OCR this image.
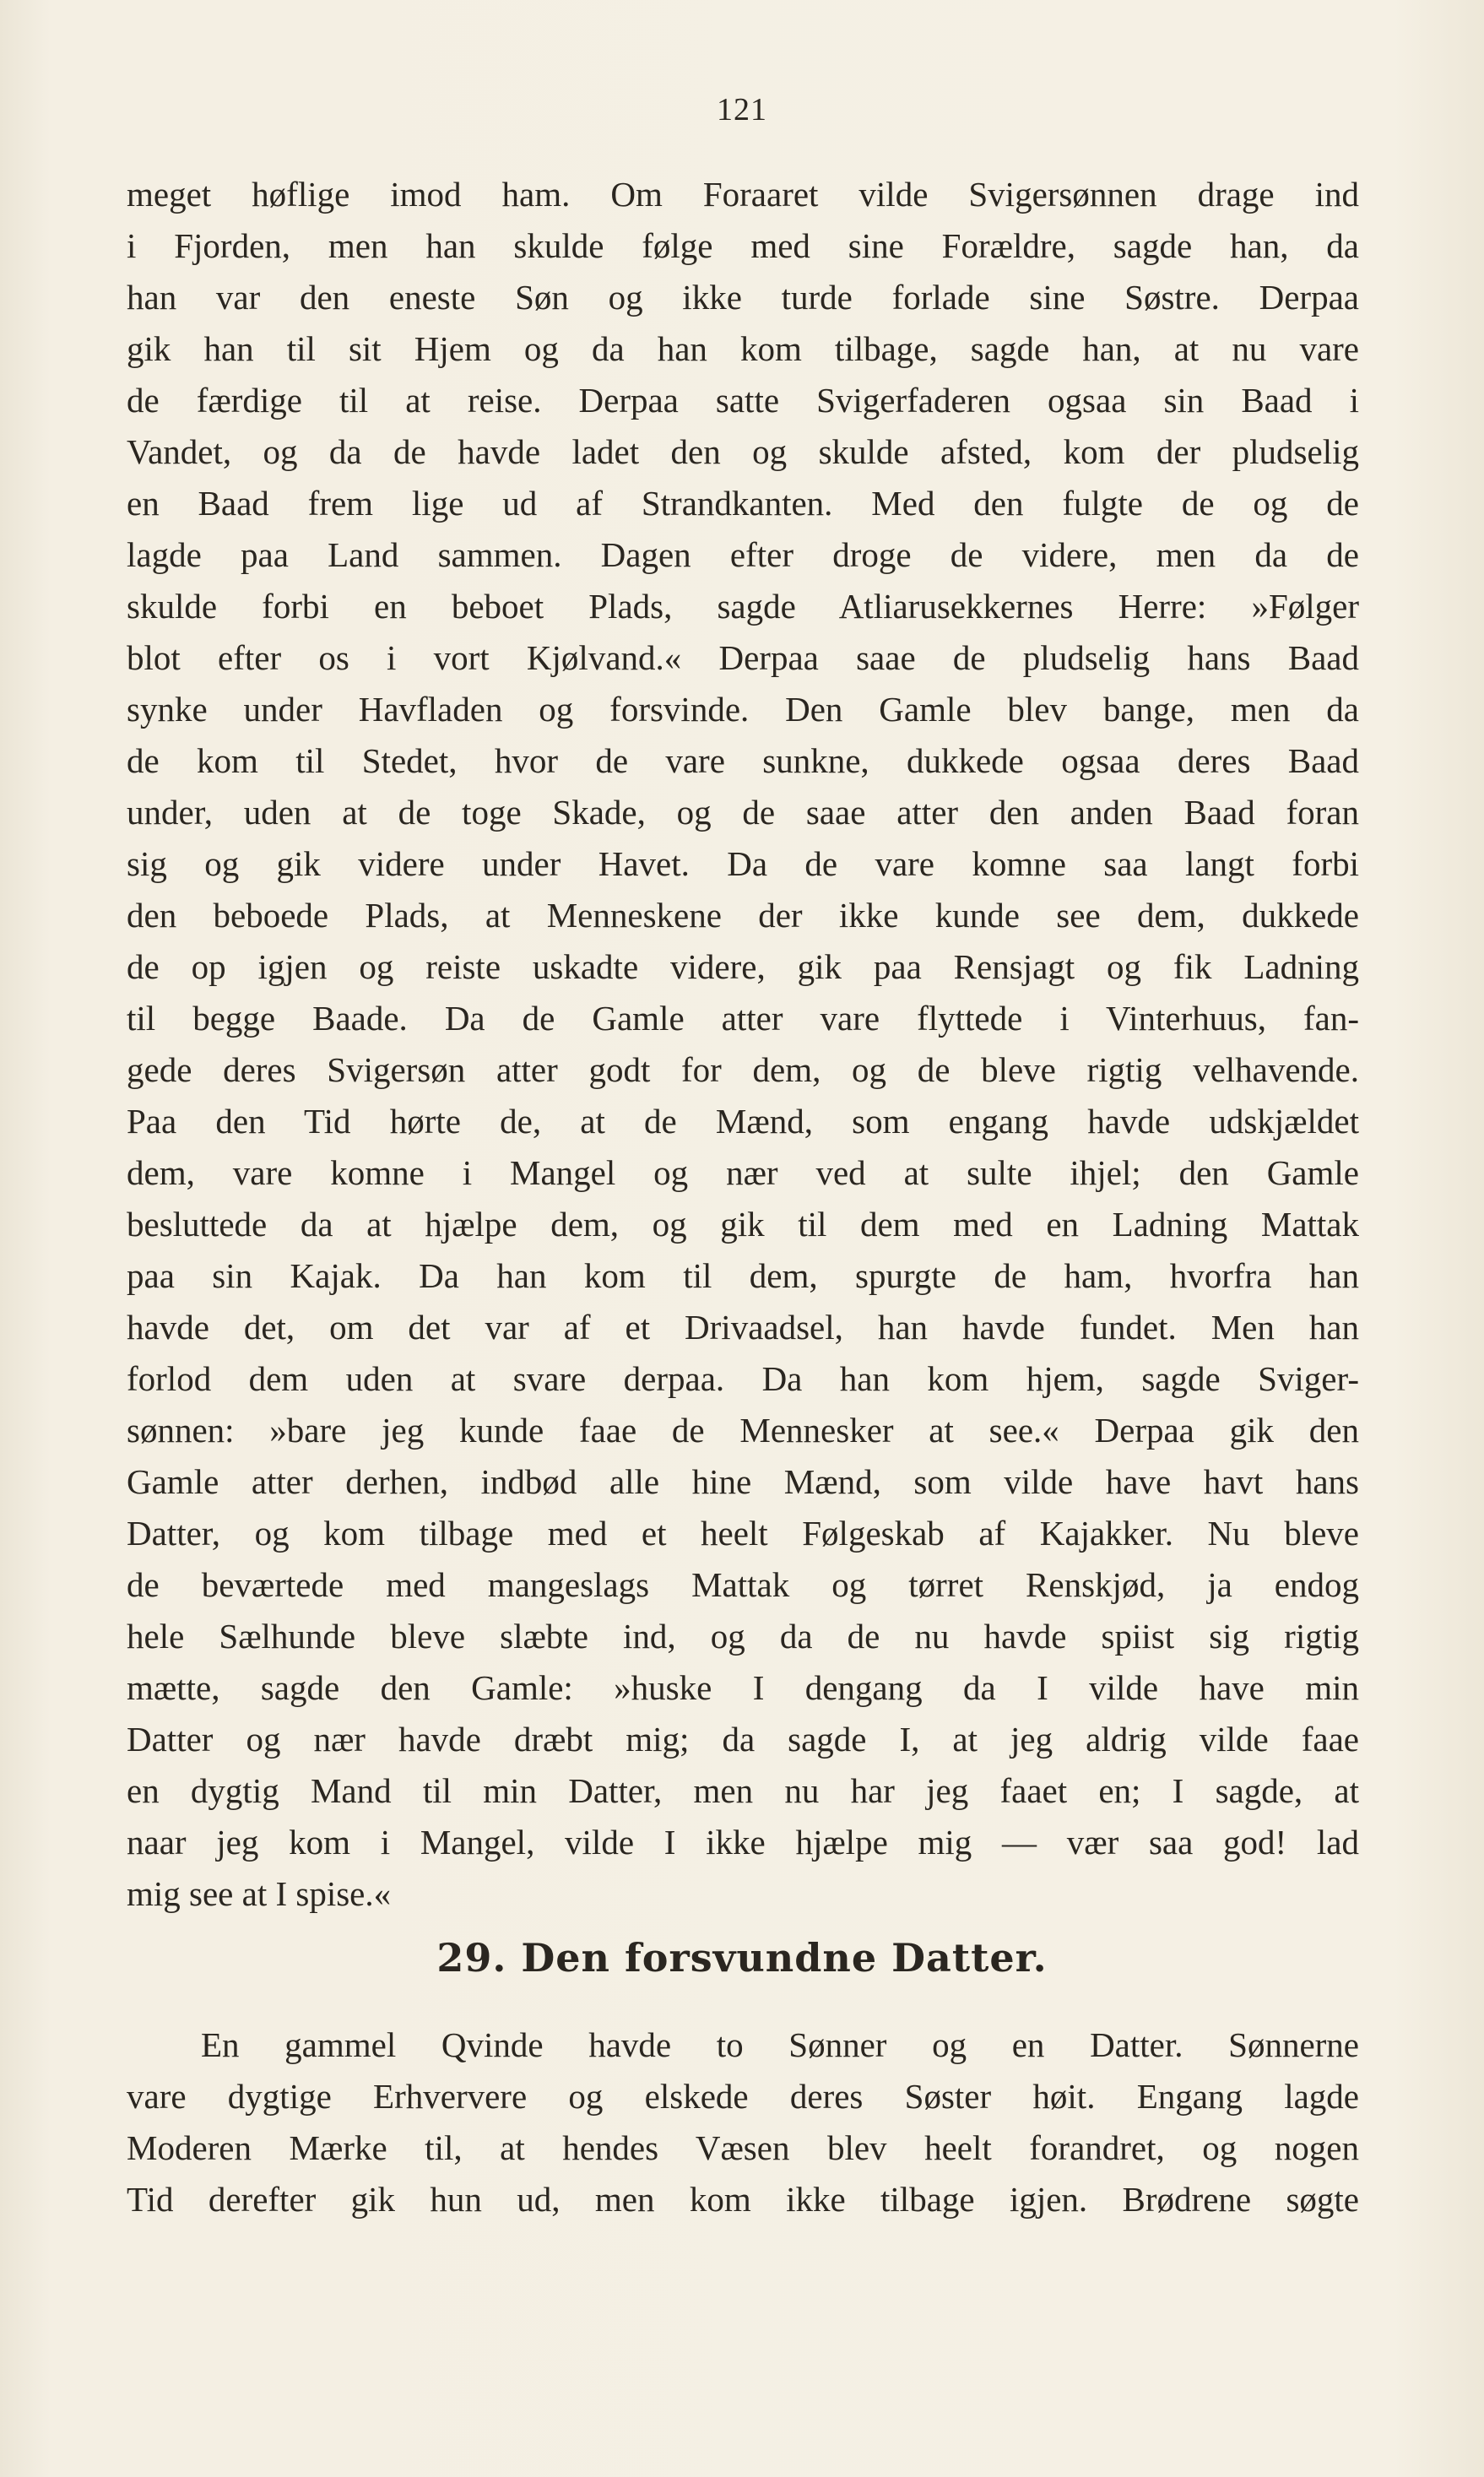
121
meget høflige imod ham. Om Foraaret vilde Svigersønnen drage ind
i Fjorden, men han skulde følge med sine Forældre, sagde han, da
han var den eneste Søn og ikke turde forlade sine Søstre. Derpaa
gik han til sit Hjem og da han kom tilbage, sagde han, at nu vare
de færdige til at reise. Derpaa satte Svigerfaderen ogsaa sin Baad i
Vandet, og da de havde ladet den og skulde afsted, kom der pludselig
en Baad frem lige ud af Strandkanten. Med den fulgte de og de
lagde paa Land sammen. Dagen efter droge de videre, men da de
skulde forbi en beboet Plads, sagde Atliarusekkernes Herre: »Følger
blot efter os i vort Kjølvand.« Derpaa saae de pludselig hans Baad
synke under Havfladen og forsvinde. Den Gamle blev bange, men da
de kom til Stedet, hvor de vare sunkne, dukkede ogsaa deres Baad
under, uden at de toge Skade, og de saae atter den anden Baad foran
sig og gik videre under Havet. Da de vare komne saa langt forbi
den beboede Plads, at Menneskene der ikke kunde see dem, dukkede
de op igjen og reiste uskadte videre, gik paa Rensjagt og fik Ladning
til begge Baade. Da de Gamle atter vare flyttede i Vinterhuus, fan-
gede deres Svigersøn atter godt for dem, og de bleve rigtig velhavende.
Paa den Tid hørte de, at de Mænd, som engang havde udskjældet
dem, vare komne i Mangel og nær ved at sulte ihjel; den Gamle
besluttede da at hjælpe dem, og gik til dem med en Ladning Mattak
paa sin Kajak. Da han kom til dem, spurgte de ham, hvorfra han
havde det, om det var af et Drivaadsel, han havde fundet. Men han
forlod dem uden at svare derpaa. Da han kom hjem, sagde Sviger-
sønnen: »bare jeg kunde faae de Mennesker at see.« Derpaa gik den
Gamle atter derhen, indbød alle hine Mænd, som vilde have havt hans
Datter, og kom tilbage med et heelt Følgeskab af Kajakker. Nu bleve
de beværtede med mangeslags Mattak og tørret Renskjød, ja endog
hele Sælhunde bleve slæbte ind, og da de nu havde spiist sig rigtig
mætte, sagde den Gamle: »huske I dengang da I vilde have min
Datter og nær havde dræbt mig; da sagde I, at jeg aldrig vilde faae
en dygtig Mand til min Datter, men nu har jeg faaet en; I sagde, at
naar jeg kom i Mangel, vilde I ikke hjælpe mig — vær saa god! lad
mig see at I spise.«
29. Den forsvundne Datter.
En gammel Qvinde havde to Sønner og en Datter. Sønnerne
vare dygtige Erhververe og elskede deres Søster høit. Engang lagde
Moderen Mærke til, at hendes Væsen blev heelt forandret, og nogen
Tid derefter gik hun ud, men kom ikke tilbage igjen. Brødrene søgte
